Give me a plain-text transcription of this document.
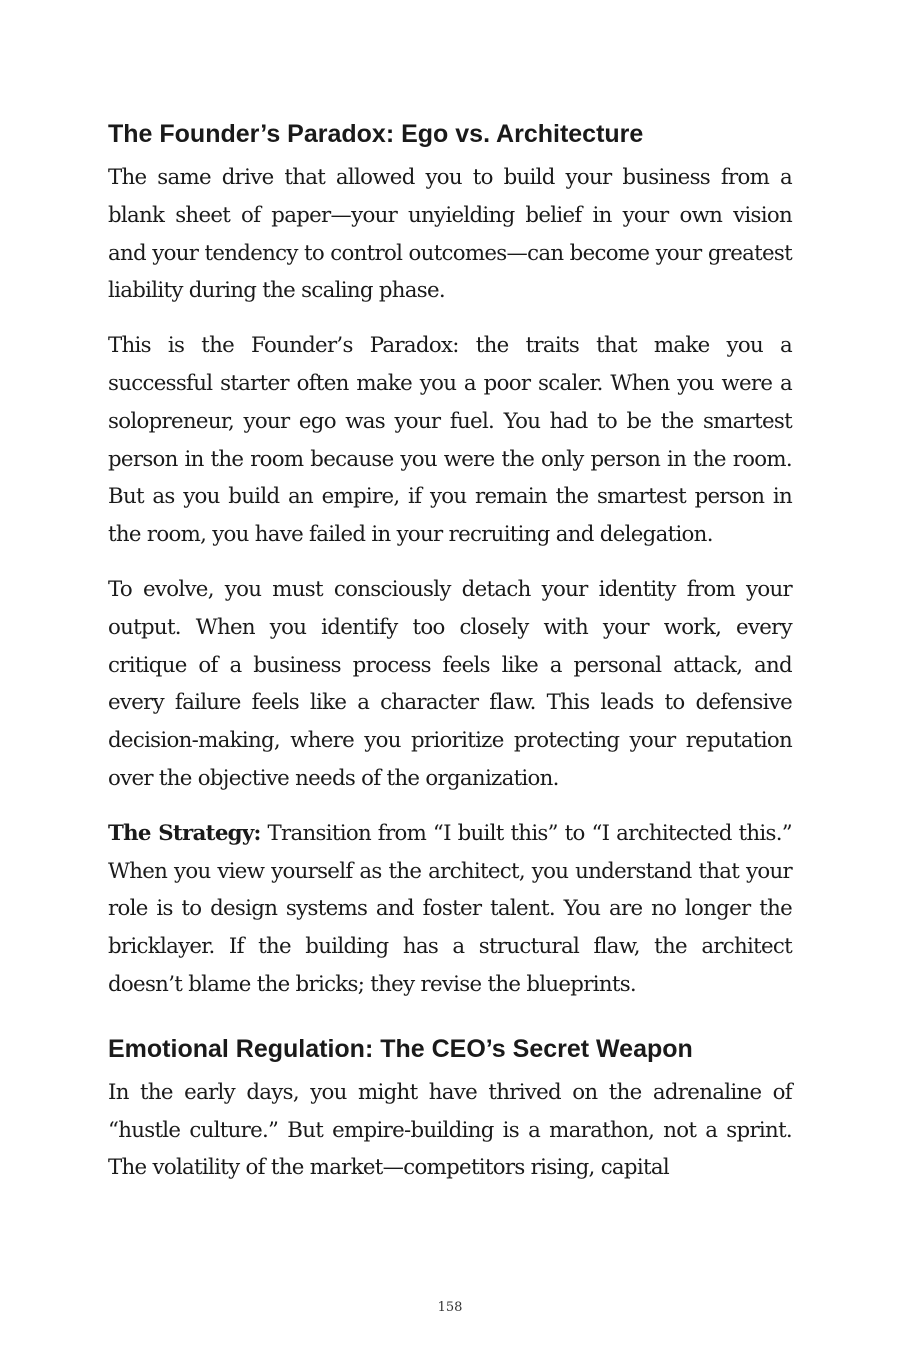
The Founder’s Paradox: Ego vs. Architecture

The same drive that allowed you to build your business from a blank sheet of paper—your unyielding belief in your own vision and your tendency to control outcomes—can become your greatest liability during the scaling phase.

This is the Founder’s Paradox: the traits that make you a successful starter often make you a poor scaler. When you were a solopreneur, your ego was your fuel. You had to be the smartest person in the room because you were the only person in the room. But as you build an empire, if you remain the smartest person in the room, you have failed in your recruiting and delegation.

To evolve, you must consciously detach your identity from your output. When you identify too closely with your work, every critique of a business process feels like a personal attack, and every failure feels like a character flaw. This leads to defensive decision-making, where you prioritize protecting your reputation over the objective needs of the organization.

The Strategy: Transition from “I built this” to “I architected this.” When you view yourself as the architect, you understand that your role is to design systems and foster talent. You are no longer the bricklayer. If the building has a structural flaw, the architect doesn’t blame the bricks; they revise the blueprints.

Emotional Regulation: The CEO’s Secret Weapon

In the early days, you might have thrived on the adrenaline of “hustle culture.” But empire-building is a marathon, not a sprint. The volatility of the market—competitors rising, capital

158
